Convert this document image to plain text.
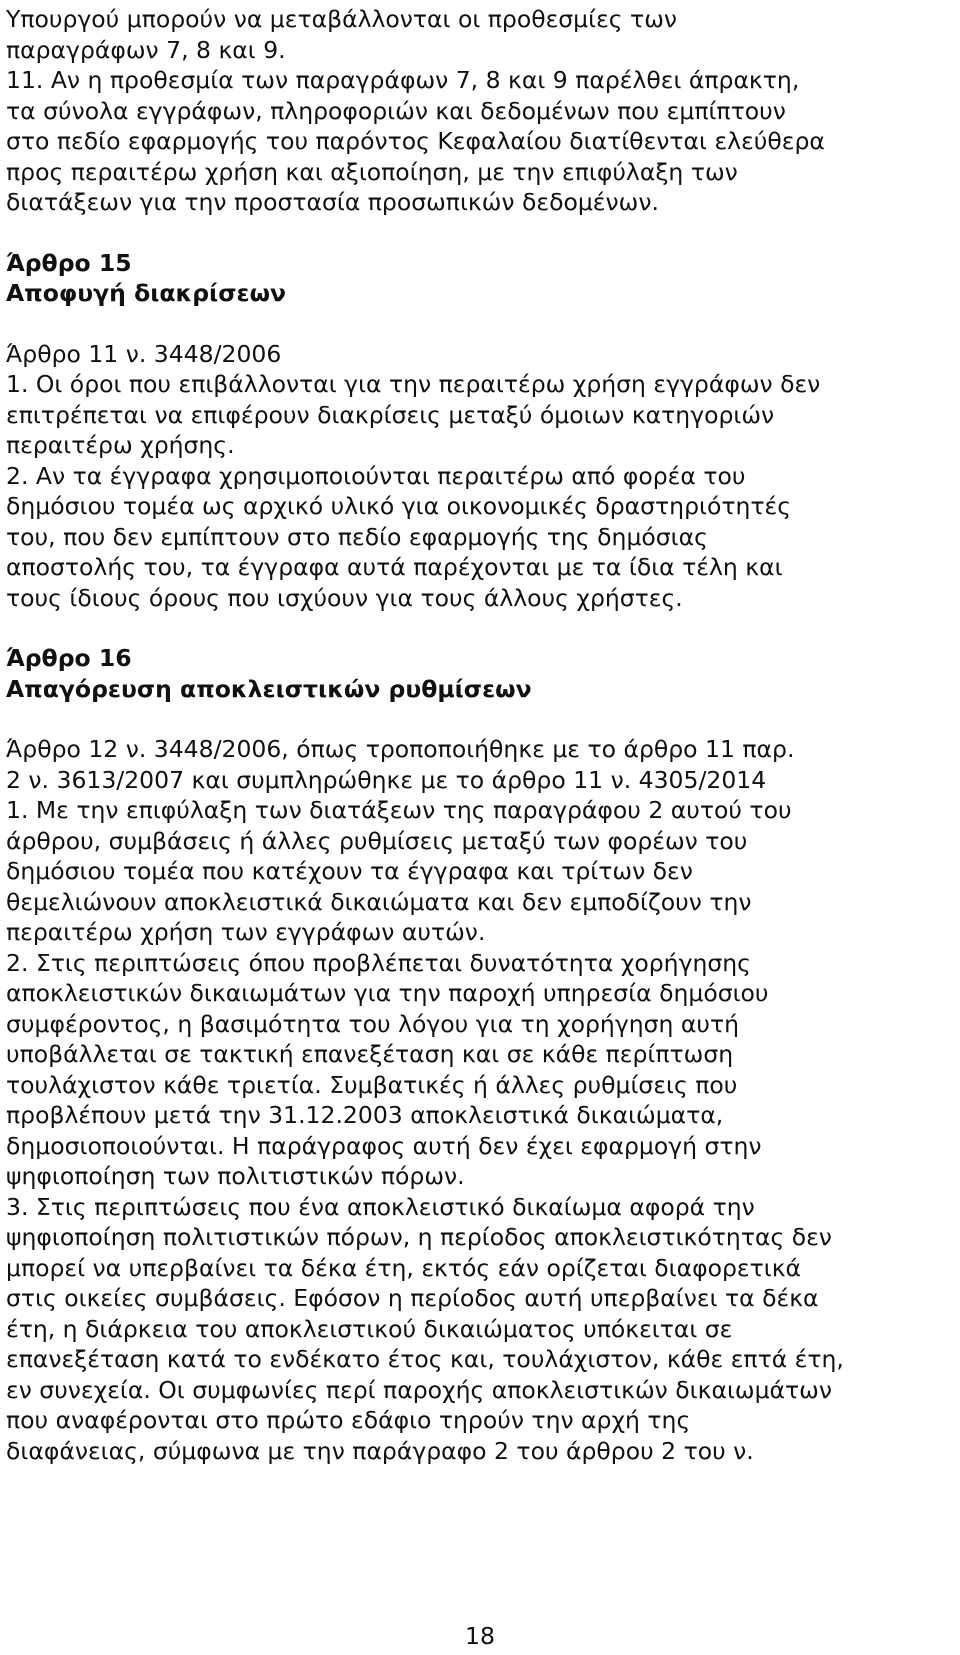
Υπουργού μπορούν να μεταβάλλονται οι προθεσμίες των
παραγράφων 7, 8 και 9.
11. Αν η προθεσμία των παραγράφων 7, 8 και 9 παρέλθει άπρακτη,
τα σύνολα εγγράφων, πληροφοριών και δεδομένων που εμπίπτουν
στο πεδίο εφαρμογής του παρόντος Κεφαλαίου διατίθενται ελεύθερα
προς περαιτέρω χρήση και αξιοποίηση, με την επιφύλαξη των
διατάξεων για την προστασία προσωπικών δεδομένων.
Άρθρο 15
Αποφυγή διακρίσεων
Άρθρο 11 ν. 3448/2006
1. Οι όροι που επιβάλλονται για την περαιτέρω χρήση εγγράφων δεν
επιτρέπεται να επιφέρουν διακρίσεις μεταξύ όμοιων κατηγοριών
περαιτέρω χρήσης.
2. Αν τα έγγραφα χρησιμοποιούνται περαιτέρω από φορέα του
δημόσιου τομέα ως αρχικό υλικό για οικονομικές δραστηριότητές
του, που δεν εμπίπτουν στο πεδίο εφαρμογής της δημόσιας
αποστολής του, τα έγγραφα αυτά παρέχονται με τα ίδια τέλη και
τους ίδιους όρους που ισχύουν για τους άλλους χρήστες.
Άρθρο 16
Απαγόρευση αποκλειστικών ρυθμίσεων
Άρθρο 12 ν. 3448/2006, όπως τροποποιήθηκε με το άρθρο 11 παρ.
2 ν. 3613/2007 και συμπληρώθηκε με το άρθρο 11 ν. 4305/2014
1. Με την επιφύλαξη των διατάξεων της παραγράφου 2 αυτού του
άρθρου, συμβάσεις ή άλλες ρυθμίσεις μεταξύ των φορέων του
δημόσιου τομέα που κατέχουν τα έγγραφα και τρίτων δεν
θεμελιώνουν αποκλειστικά δικαιώματα και δεν εμποδίζουν την
περαιτέρω χρήση των εγγράφων αυτών.
2. Στις περιπτώσεις όπου προβλέπεται δυνατότητα χορήγησης
αποκλειστικών δικαιωμάτων για την παροχή υπηρεσία δημόσιου
συμφέροντος, η βασιμότητα του λόγου για τη χορήγηση αυτή
υποβάλλεται σε τακτική επανεξέταση και σε κάθε περίπτωση
τουλάχιστον κάθε τριετία. Συμβατικές ή άλλες ρυθμίσεις που
προβλέπουν μετά την 31.12.2003 αποκλειστικά δικαιώματα,
δημοσιοποιούνται. Η παράγραφος αυτή δεν έχει εφαρμογή στην
ψηφιοποίηση των πολιτιστικών πόρων.
3. Στις περιπτώσεις που ένα αποκλειστικό δικαίωμα αφορά την
ψηφιοποίηση πολιτιστικών πόρων, η περίοδος αποκλειστικότητας δεν
μπορεί να υπερβαίνει τα δέκα έτη, εκτός εάν ορίζεται διαφορετικά
στις οικείες συμβάσεις. Εφόσον η περίοδος αυτή υπερβαίνει τα δέκα
έτη, η διάρκεια του αποκλειστικού δικαιώματος υπόκειται σε
επανεξέταση κατά το ενδέκατο έτος και, τουλάχιστον, κάθε επτά έτη,
εν συνεχεία. Οι συμφωνίες περί παροχής αποκλειστικών δικαιωμάτων
που αναφέρονται στο πρώτο εδάφιο τηρούν την αρχή της
διαφάνειας, σύμφωνα με την παράγραφο 2 του άρθρου 2 του ν.
18
